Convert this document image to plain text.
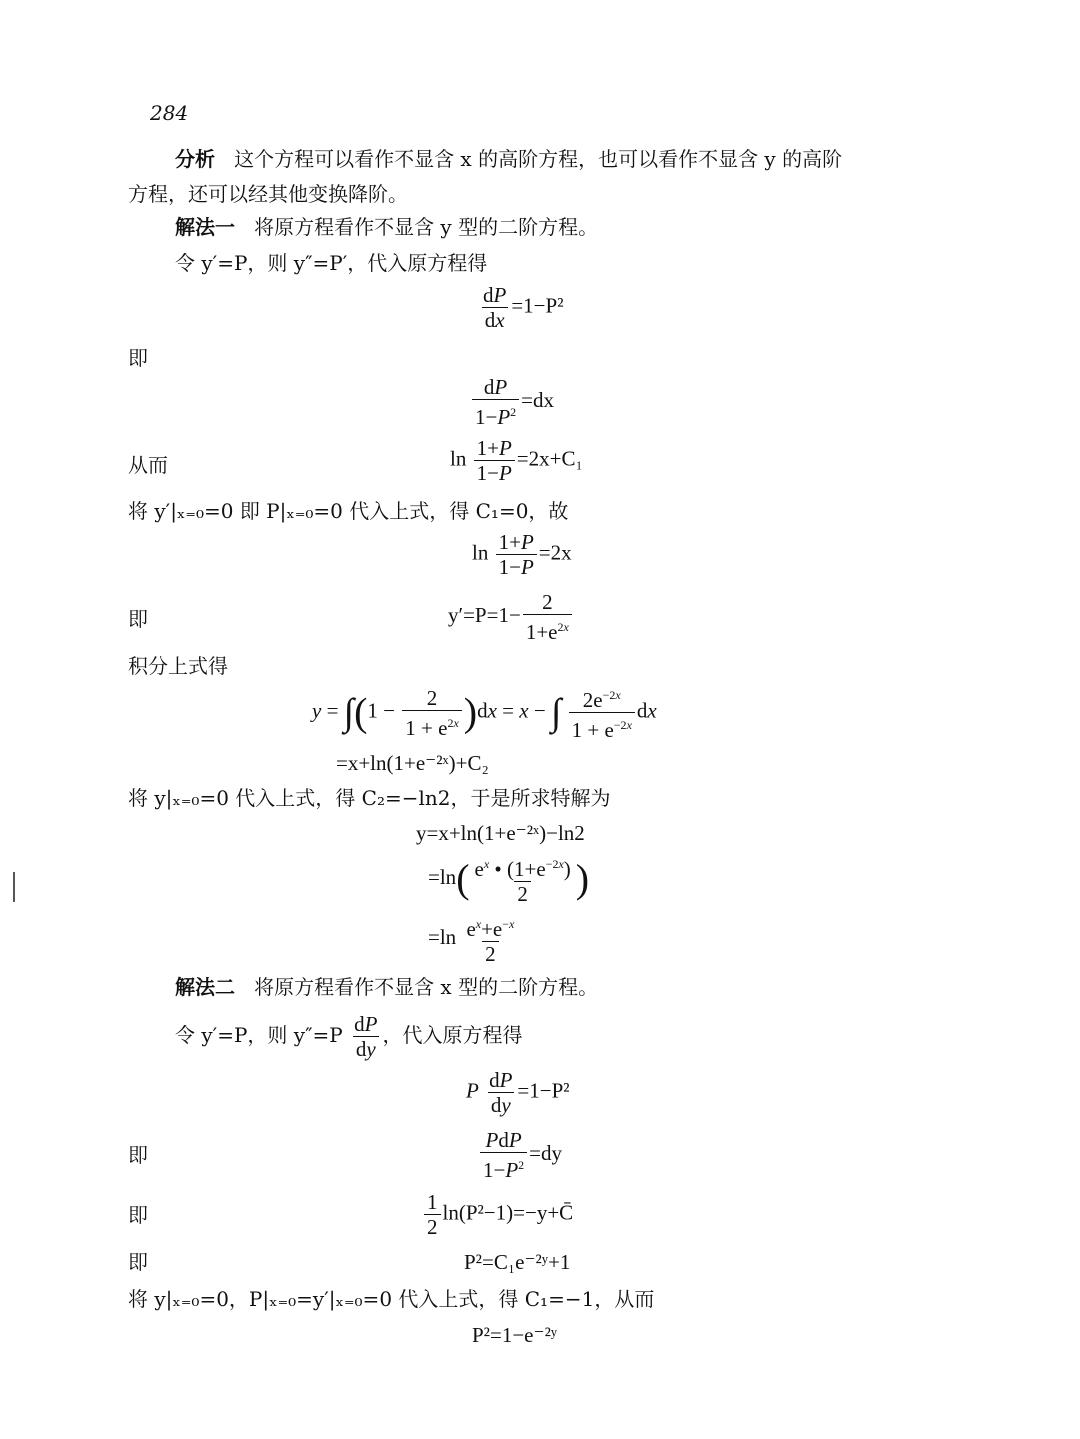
284
分析 这个方程可以看作不显含 x 的高阶方程，也可以看作不显含 y 的高阶
方程，还可以经其他变换降阶。
解法一 将原方程看作不显含 y 型的二阶方程。
令 y′=P，则 y″=P′，代入原方程得
$\frac{dP}{dx} =1-P^2$
即
$\frac{dP}{1-P^2} =dx$
从而	$\ln \frac{1+P}{1-P} =2x+C_1$
将 y′|ₓ₌₀=0 即 P|ₓ₌₀=0 代入上式，得 C₁=0，故
$\ln \frac{1+P}{1-P} =2x$
即	$y'=P=1- \frac{2}{1+e^{2x}}$
积分上式得
$y = \int(1 - \frac{2}{1 + e^{2x}} )dx = x$ − ∫ $\frac{2e^{-2x}}{1 + e^{-2x}}$ dx
=x+ln(1+e⁻²ˣ)+C₂
将 y|ₓ₌₀=0 代入上式，得 C₂=−ln2，于是所求特解为
y=x+ln(1+e⁻²ˣ)−ln2
$=\ln( \frac{e^x • (1+e^{-2x})}{2}$ )
$=\ln \frac{e^x+e^{-x}}{2}$
解法二 将原方程看作不显含 x 型的二阶方程。
令 y′=P，则 $y''=P \frac{dP}{dy}$ ，代入原方程得
P $\frac{dP}{dy} =1-P^2$
即	$\frac{\text{PdP}}{1-P^2} =dy$
即	$\frac{1}{2}$ ln(P²−1)=−y+C̄
即	P²=C₁e⁻²ʸ+1
将 y|ₓ₌₀=0，P|ₓ₌₀=y′|ₓ₌₀=0 代入上式，得 C₁=−1，从而
P²=1−e⁻²ʸ
